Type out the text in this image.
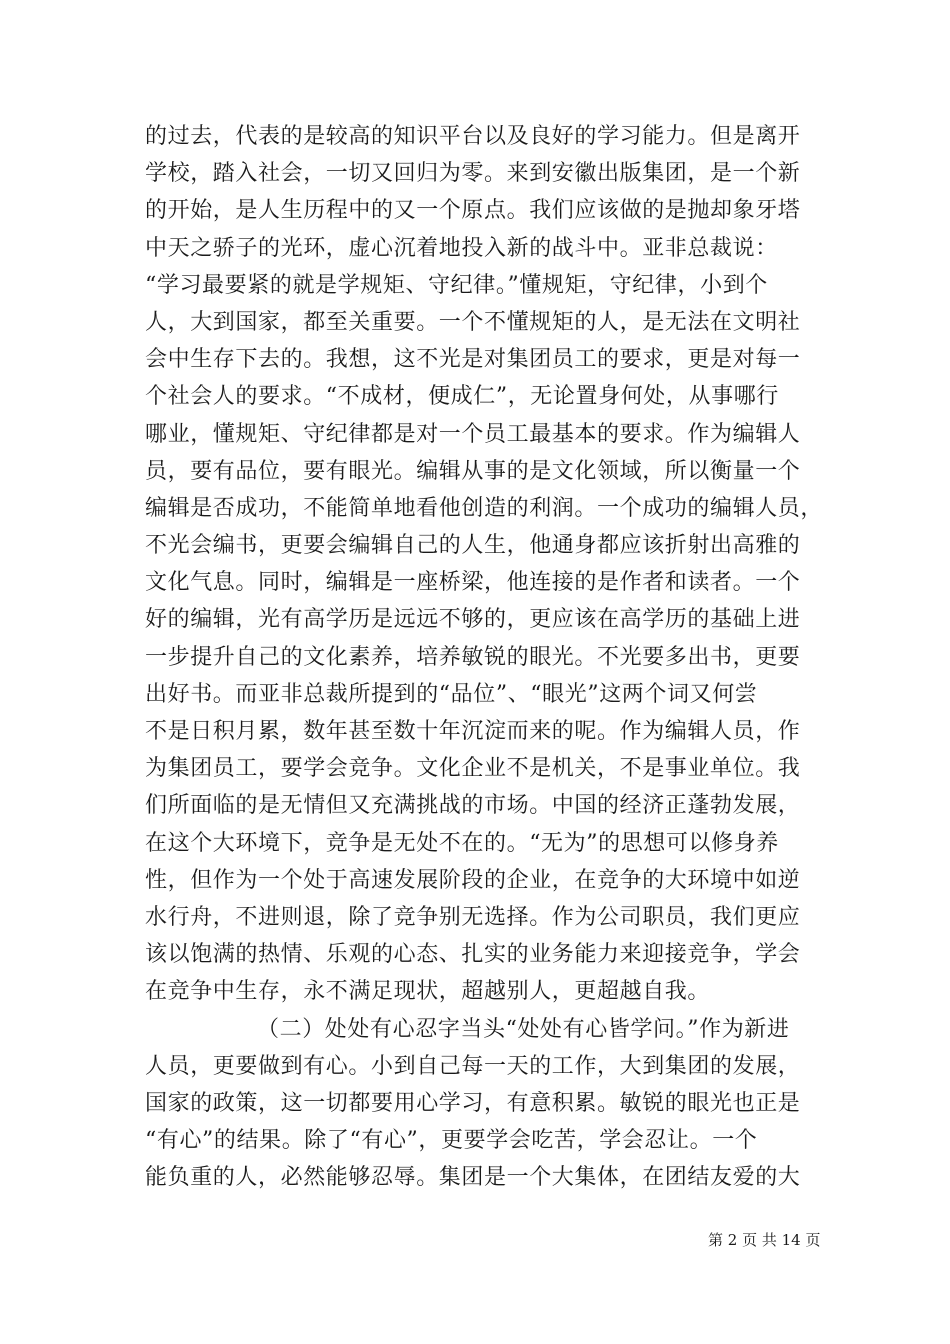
的过去，代表的是较高的知识平台以及良好的学习能力。但是离开
学校，踏入社会，一切又回归为零。来到安徽出版集团，是一个新
的开始，是人生历程中的又一个原点。我们应该做的是抛却象牙塔
中天之骄子的光环，虚心沉着地投入新的战斗中。亚非总裁说：
“学习最要紧的就是学规矩、守纪律。”懂规矩，守纪律，小到个
人，大到国家，都至关重要。一个不懂规矩的人，是无法在文明社
会中生存下去的。我想，这不光是对集团员工的要求，更是对每一
个社会人的要求。“不成材，便成仁”，无论置身何处，从事哪行
哪业，懂规矩、守纪律都是对一个员工最基本的要求。作为编辑人
员，要有品位，要有眼光。编辑从事的是文化领域，所以衡量一个
编辑是否成功，不能简单地看他创造的利润。一个成功的编辑人员，
不光会编书，更要会编辑自己的人生，他通身都应该折射出高雅的
文化气息。同时，编辑是一座桥梁，他连接的是作者和读者。一个
好的编辑，光有高学历是远远不够的，更应该在高学历的基础上进
一步提升自己的文化素养，培养敏锐的眼光。不光要多出书，更要
出好书。而亚非总裁所提到的“品位”、“眼光”这两个词又何尝
不是日积月累，数年甚至数十年沉淀而来的呢。作为编辑人员，作
为集团员工，要学会竞争。文化企业不是机关，不是事业单位。我
们所面临的是无情但又充满挑战的市场。中国的经济正蓬勃发展，
在这个大环境下，竞争是无处不在的。“无为”的思想可以修身养
性，但作为一个处于高速发展阶段的企业，在竞争的大环境中如逆
水行舟，不进则退，除了竞争别无选择。作为公司职员，我们更应
该以饱满的热情、乐观的心态、扎实的业务能力来迎接竞争，学会
在竞争中生存，永不满足现状，超越别人，更超越自我。
（二）处处有心忍字当头“处处有心皆学问。”作为新进
人员，更要做到有心。小到自己每一天的工作，大到集团的发展，
国家的政策，这一切都要用心学习，有意积累。敏锐的眼光也正是
“有心”的结果。除了“有心”，更要学会吃苦，学会忍让。一个
能负重的人，必然能够忍辱。集团是一个大集体，在团结友爱的大
第 2 页 共 14 页
